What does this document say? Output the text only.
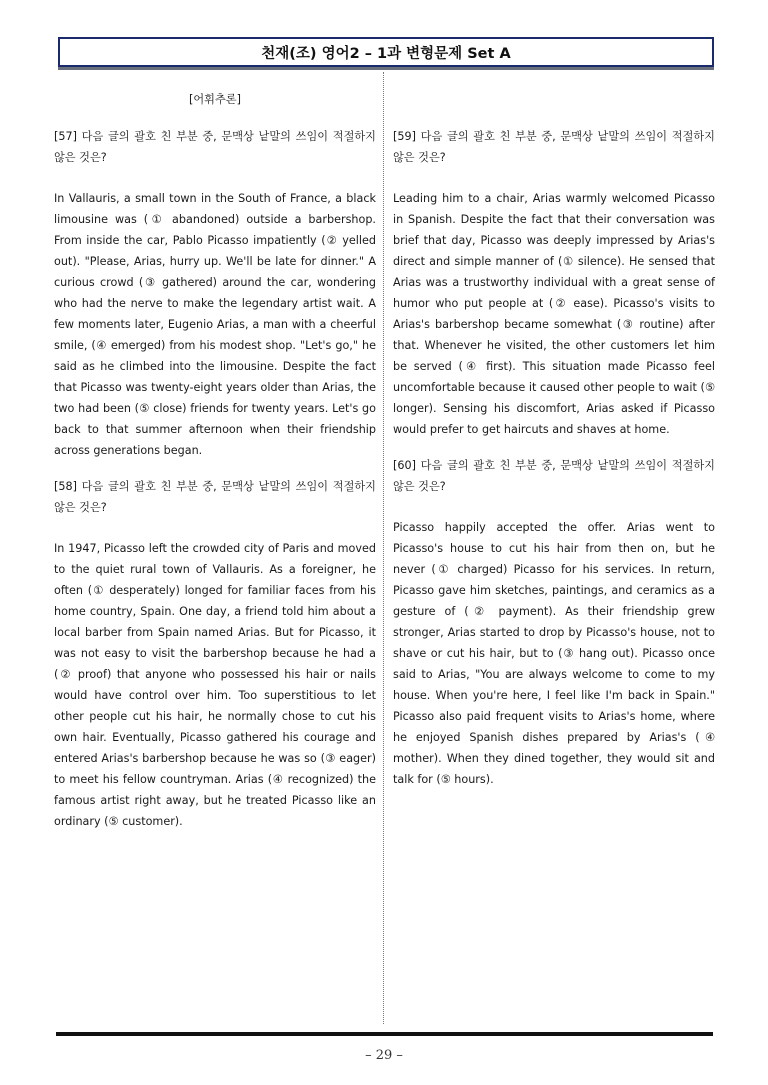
천재(조) 영어2 – 1과 변형문제 Set A

[어휘추론]

[57] 다음 글의 괄호 친 부분 중, 문맥상 낱말의 쓰임이 적절하지 않은 것은?

In Vallauris, a small town in the South of France, a black limousine was (① abandoned) outside a barbershop. From inside the car, Pablo Picasso impatiently (② yelled out). "Please, Arias, hurry up. We'll be late for dinner." A curious crowd (③ gathered) around the car, wondering who had the nerve to make the legendary artist wait. A few moments later, Eugenio Arias, a man with a cheerful smile, (④ emerged) from his modest shop. "Let's go," he said as he climbed into the limousine. Despite the fact that Picasso was twenty-eight years older than Arias, the two had been (⑤ close) friends for twenty years. Let's go back to that summer afternoon when their friendship across generations began.

[58] 다음 글의 괄호 친 부분 중, 문맥상 낱말의 쓰임이 적절하지 않은 것은?

In 1947, Picasso left the crowded city of Paris and moved to the quiet rural town of Vallauris. As a foreigner, he often (① desperately) longed for familiar faces from his home country, Spain. One day, a friend told him about a local barber from Spain named Arias. But for Picasso, it was not easy to visit the barbershop because he had a (② proof) that anyone who possessed his hair or nails would have control over him. Too superstitious to let other people cut his hair, he normally chose to cut his own hair. Eventually, Picasso gathered his courage and entered Arias's barbershop because he was so (③ eager) to meet his fellow countryman. Arias (④ recognized) the famous artist right away, but he treated Picasso like an ordinary (⑤ customer).

[59] 다음 글의 괄호 친 부분 중, 문맥상 낱말의 쓰임이 적절하지 않은 것은?

Leading him to a chair, Arias warmly welcomed Picasso in Spanish. Despite the fact that their conversation was brief that day, Picasso was deeply impressed by Arias's direct and simple manner of (① silence). He sensed that Arias was a trustworthy individual with a great sense of humor who put people at (② ease). Picasso's visits to Arias's barbershop became somewhat (③ routine) after that. Whenever he visited, the other customers let him be served (④ first). This situation made Picasso feel uncomfortable because it caused other people to wait (⑤ longer). Sensing his discomfort, Arias asked if Picasso would prefer to get haircuts and shaves at home.

[60] 다음 글의 괄호 친 부분 중, 문맥상 낱말의 쓰임이 적절하지 않은 것은?

Picasso happily accepted the offer. Arias went to Picasso's house to cut his hair from then on, but he never (① charged) Picasso for his services. In return, Picasso gave him sketches, paintings, and ceramics as a gesture of (② payment). As their friendship grew stronger, Arias started to drop by Picasso's house, not to shave or cut his hair, but to (③ hang out). Picasso once said to Arias, "You are always welcome to come to my house. When you're here, I feel like I'm back in Spain." Picasso also paid frequent visits to Arias's home, where he enjoyed Spanish dishes prepared by Arias's (④ mother). When they dined together, they would sit and talk for (⑤ hours).

– 29 –
